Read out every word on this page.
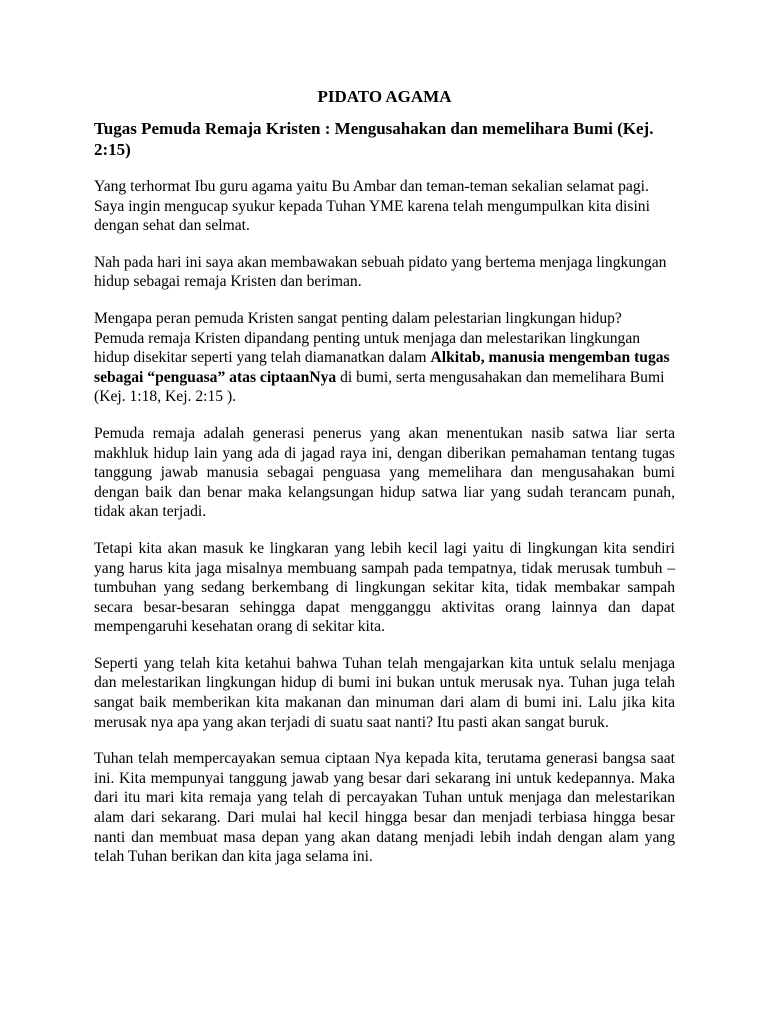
PIDATO AGAMA
Tugas Pemuda Remaja Kristen : Mengusahakan dan memelihara Bumi (Kej. 2:15)

Yang terhormat Ibu guru agama yaitu Bu Ambar dan teman-teman sekalian selamat pagi. Saya ingin mengucap syukur kepada Tuhan YME karena telah mengumpulkan kita disini dengan sehat dan selmat.

Nah pada hari ini saya akan membawakan sebuah pidato yang bertema menjaga lingkungan hidup sebagai remaja Kristen dan beriman.

Mengapa peran pemuda Kristen sangat penting dalam pelestarian lingkungan hidup? Pemuda remaja Kristen dipandang penting untuk menjaga dan melestarikan lingkungan hidup disekitar seperti yang telah diamanatkan dalam Alkitab, manusia mengemban tugas sebagai “penguasa” atas ciptaanNya di bumi, serta mengusahakan dan memelihara Bumi (Kej. 1:18, Kej. 2:15 ).

Pemuda remaja adalah generasi penerus yang akan menentukan nasib satwa liar serta makhluk hidup lain yang ada di jagad raya ini, dengan diberikan pemahaman tentang tugas tanggung jawab manusia sebagai penguasa yang memelihara dan mengusahakan bumi dengan baik dan benar maka kelangsungan hidup satwa liar yang sudah terancam punah, tidak akan terjadi.

Tetapi kita akan masuk ke lingkaran yang lebih kecil lagi yaitu di lingkungan kita sendiri yang harus kita jaga misalnya membuang sampah pada tempatnya, tidak merusak tumbuh – tumbuhan yang sedang berkembang di lingkungan sekitar kita, tidak membakar sampah secara besar-besaran sehingga dapat mengganggu aktivitas orang lainnya dan dapat mempengaruhi kesehatan orang di sekitar kita.

Seperti yang telah kita ketahui bahwa Tuhan telah mengajarkan kita untuk selalu menjaga dan melestarikan lingkungan hidup di bumi ini bukan untuk merusak nya. Tuhan juga telah sangat baik memberikan kita makanan dan minuman dari alam di bumi ini. Lalu jika kita merusak nya apa yang akan terjadi di suatu saat nanti? Itu pasti akan sangat buruk.

Tuhan telah mempercayakan semua ciptaan Nya kepada kita, terutama generasi bangsa saat ini. Kita mempunyai tanggung jawab yang besar dari sekarang ini untuk kedepannya. Maka dari itu mari kita remaja yang telah di percayakan Tuhan untuk menjaga dan melestarikan alam dari sekarang. Dari mulai hal kecil hingga besar dan menjadi terbiasa hingga besar nanti dan membuat masa depan yang akan datang menjadi lebih indah dengan alam yang telah Tuhan berikan dan kita jaga selama ini.
